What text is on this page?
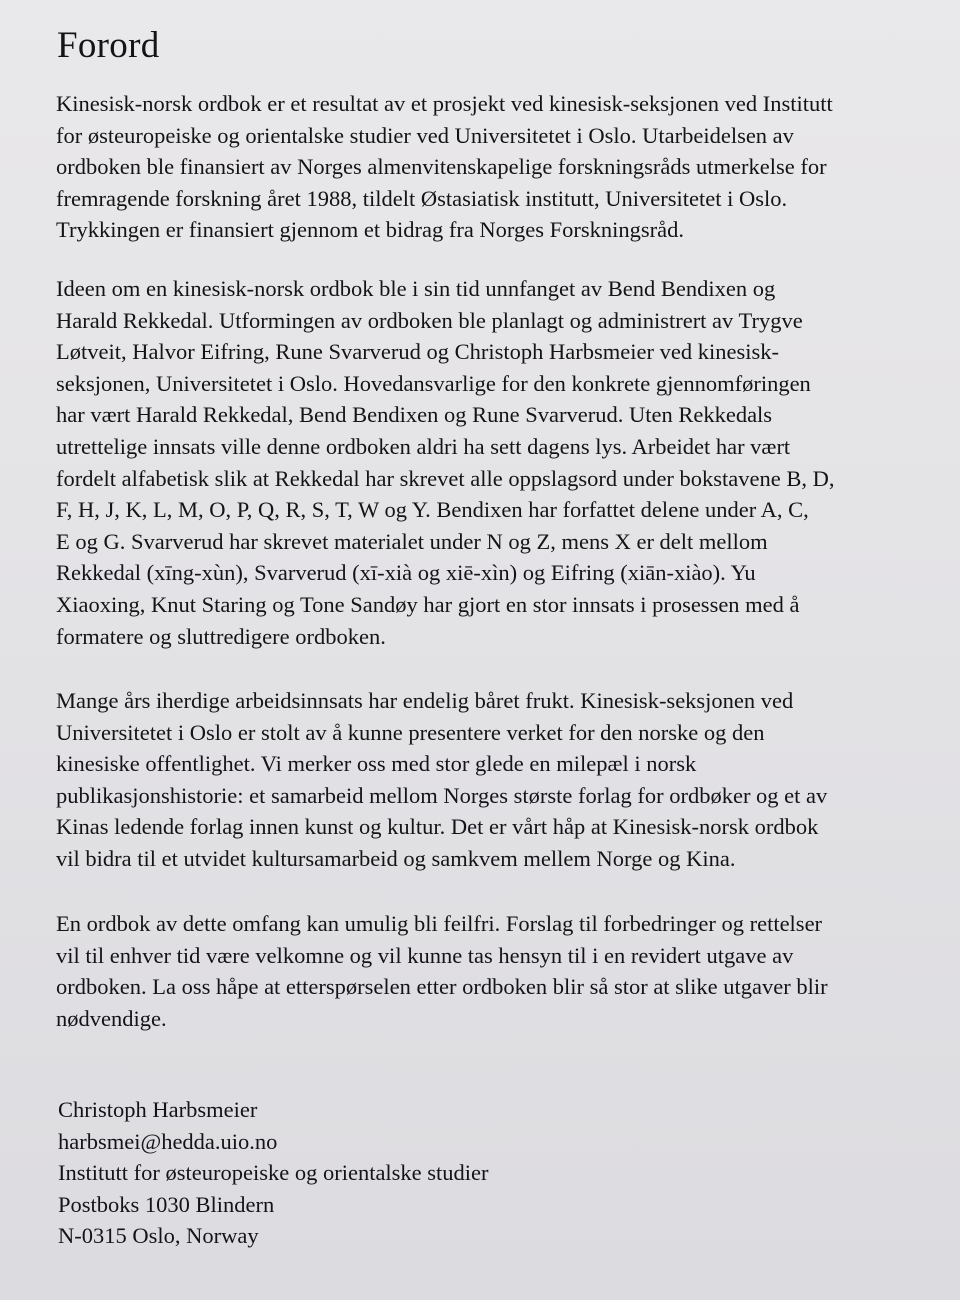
Forord

Kinesisk-norsk ordbok er et resultat av et prosjekt ved kinesisk-seksjonen ved Institutt
for østeuropeiske og orientalske studier ved Universitetet i Oslo. Utarbeidelsen av
ordboken ble finansiert av Norges almenvitenskapelige forskningsråds utmerkelse for
fremragende forskning året 1988, tildelt Østasiatisk institutt, Universitetet i Oslo.
Trykkingen er finansiert gjennom et bidrag fra Norges Forskningsråd.

Ideen om en kinesisk-norsk ordbok ble i sin tid unnfanget av Bend Bendixen og
Harald Rekkedal. Utformingen av ordboken ble planlagt og administrert av Trygve
Løtveit, Halvor Eifring, Rune Svarverud og Christoph Harbsmeier ved kinesisk-
seksjonen, Universitetet i Oslo. Hovedansvarlige for den konkrete gjennomføringen
har vært Harald Rekkedal, Bend Bendixen og Rune Svarverud. Uten Rekkedals
utrettelige innsats ville denne ordboken aldri ha sett dagens lys. Arbeidet har vært
fordelt alfabetisk slik at Rekkedal har skrevet alle oppslagsord under bokstavene B, D,
F, H, J, K, L, M, O, P, Q, R, S, T, W og Y. Bendixen har forfattet delene under A, C,
E og G. Svarverud har skrevet materialet under N og Z, mens X er delt mellom
Rekkedal (xīng-xùn), Svarverud (xī-xià og xiē-xìn) og Eifring (xiān-xiào). Yu
Xiaoxing, Knut Staring og Tone Sandøy har gjort en stor innsats i prosessen med å
formatere og sluttredigere ordboken.

Mange års iherdige arbeidsinnsats har endelig båret frukt. Kinesisk-seksjonen ved
Universitetet i Oslo er stolt av å kunne presentere verket for den norske og den
kinesiske offentlighet. Vi merker oss med stor glede en milepæl i norsk
publikasjonshistorie: et samarbeid mellom Norges største forlag for ordbøker og et av
Kinas ledende forlag innen kunst og kultur. Det er vårt håp at Kinesisk-norsk ordbok
vil bidra til et utvidet kultursamarbeid og samkvem mellem Norge og Kina.

En ordbok av dette omfang kan umulig bli feilfri. Forslag til forbedringer og rettelser
vil til enhver tid være velkomne og vil kunne tas hensyn til i en revidert utgave av
ordboken. La oss håpe at etterspørselen etter ordboken blir så stor at slike utgaver blir
nødvendige.

Christoph Harbsmeier
harbsmei@hedda.uio.no
Institutt for østeuropeiske og orientalske studier
Postboks 1030 Blindern
N-0315 Oslo, Norway
